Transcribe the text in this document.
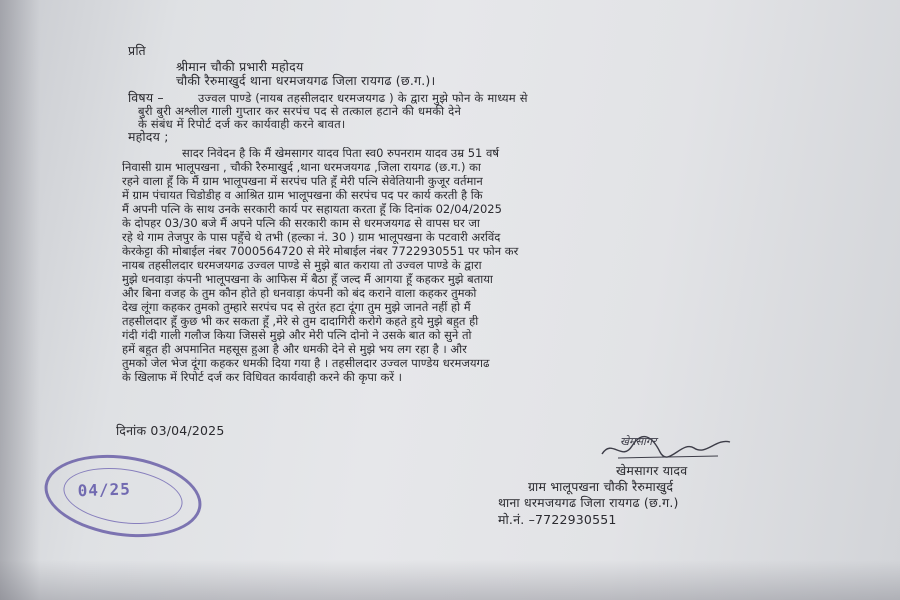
प्रति
श्रीमान चौकी प्रभारी महोदय
चौकी रैरुमाखुर्द थाना धरमजयगढ जिला रायगढ (छ.ग.)।
विषय –	उज्वल पाण्डे (नायब तहसीलदार धरमजयगढ ) के द्वारा मुझे फोन के माध्यम से
बुरी बुरी अश्लील गाली गुप्तार कर सरपंच पद से तत्काल हटाने की धमकी देने
के संबंध में रिपोर्ट दर्ज कर कार्यवाही करने बावत।
महोदय ;
सादर निवेदन है कि मैं खेमसागर यादव पिता स्व0 रुपनराम यादव उम्र 51 वर्ष
निवासी ग्राम भालूपखना , चौकी रैरुमाखुर्द ,थाना धरमजयगढ ,जिला रायगढ (छ.ग.) का
रहने वाला हूँ कि मैं ग्राम भालूपखना में सरपंच पति हूँ मेरी पत्नि सेवेतियानी कुजूर वर्तमान
में ग्राम पंचायत चिडोडीह व आश्रित ग्राम भालूपखना की सरपंच पद पर कार्य करती है कि
मैं अपनी पत्नि के साथ उनके सरकारी कार्य पर सहायता करता हूँ कि दिनांक 02/04/2025
के दोपहर 03/30 बजे मैं अपने पत्नि की सरकारी काम से धरमजयगढ से वापस घर जा
रहे थे गाम तेजपुर के पास पहुँचे थे तभी (हल्का नं. 30 ) ग्राम भालूपखना के पटवारी अरविंद
केरकेट्टा की मोबाईल नंबर 7000564720 से मेरे मोबाईल नंबर 7722930551 पर फोन कर
नायब तहसीलदार धरमजयगढ उज्वल पाण्डे से मुझे बात कराया तो उज्वल पाण्डे के द्वारा
मुझे धनवाड़ा कंपनी भालूपखना के आफिस में बैठा हूँ जल्द मैं आगया हूँ कहकर मुझे बताया
और बिना वजह के तुम कौन होते हो धनवाड़ा कंपनी को बंद कराने वाला कहकर तुमको
देख लूंगा कहकर तुमको तुम्हारे सरपंच पद से तुरंत हटा दूंगा तुम मुझे जानते नहीं हो मैं
तहसीलदार हूँ कुछ भी कर सकता हूँ ,मेरे से तुम दादागिरी करोगे कहते हुये मुझे बहुत ही
गंदी गंदी गाली गलौज किया जिससे मुझे और मेरी पत्नि दोनो ने उसके बात को सुने तो
हमें बहुत ही अपमानित महसूस हुआ है और धमकी देने से मुझे भय लग रहा है । और
तुमको जेल भेज दूंगा कहकर धमकी दिया गया है । तहसीलदार उज्वल पाण्डेय धरमजयगढ
के खिलाफ में रिपोर्ट दर्ज कर विधिवत कार्यवाही करने की कृपा करें ।
दिनांक 03/04/2025
खेमसागर
खेमसागर यादव
ग्राम भालूपखना चौकी रैरुमाखुर्द
थाना धरमजयगढ जिला रायगढ (छ.ग.)
मो.नं. –7722930551
04/25
